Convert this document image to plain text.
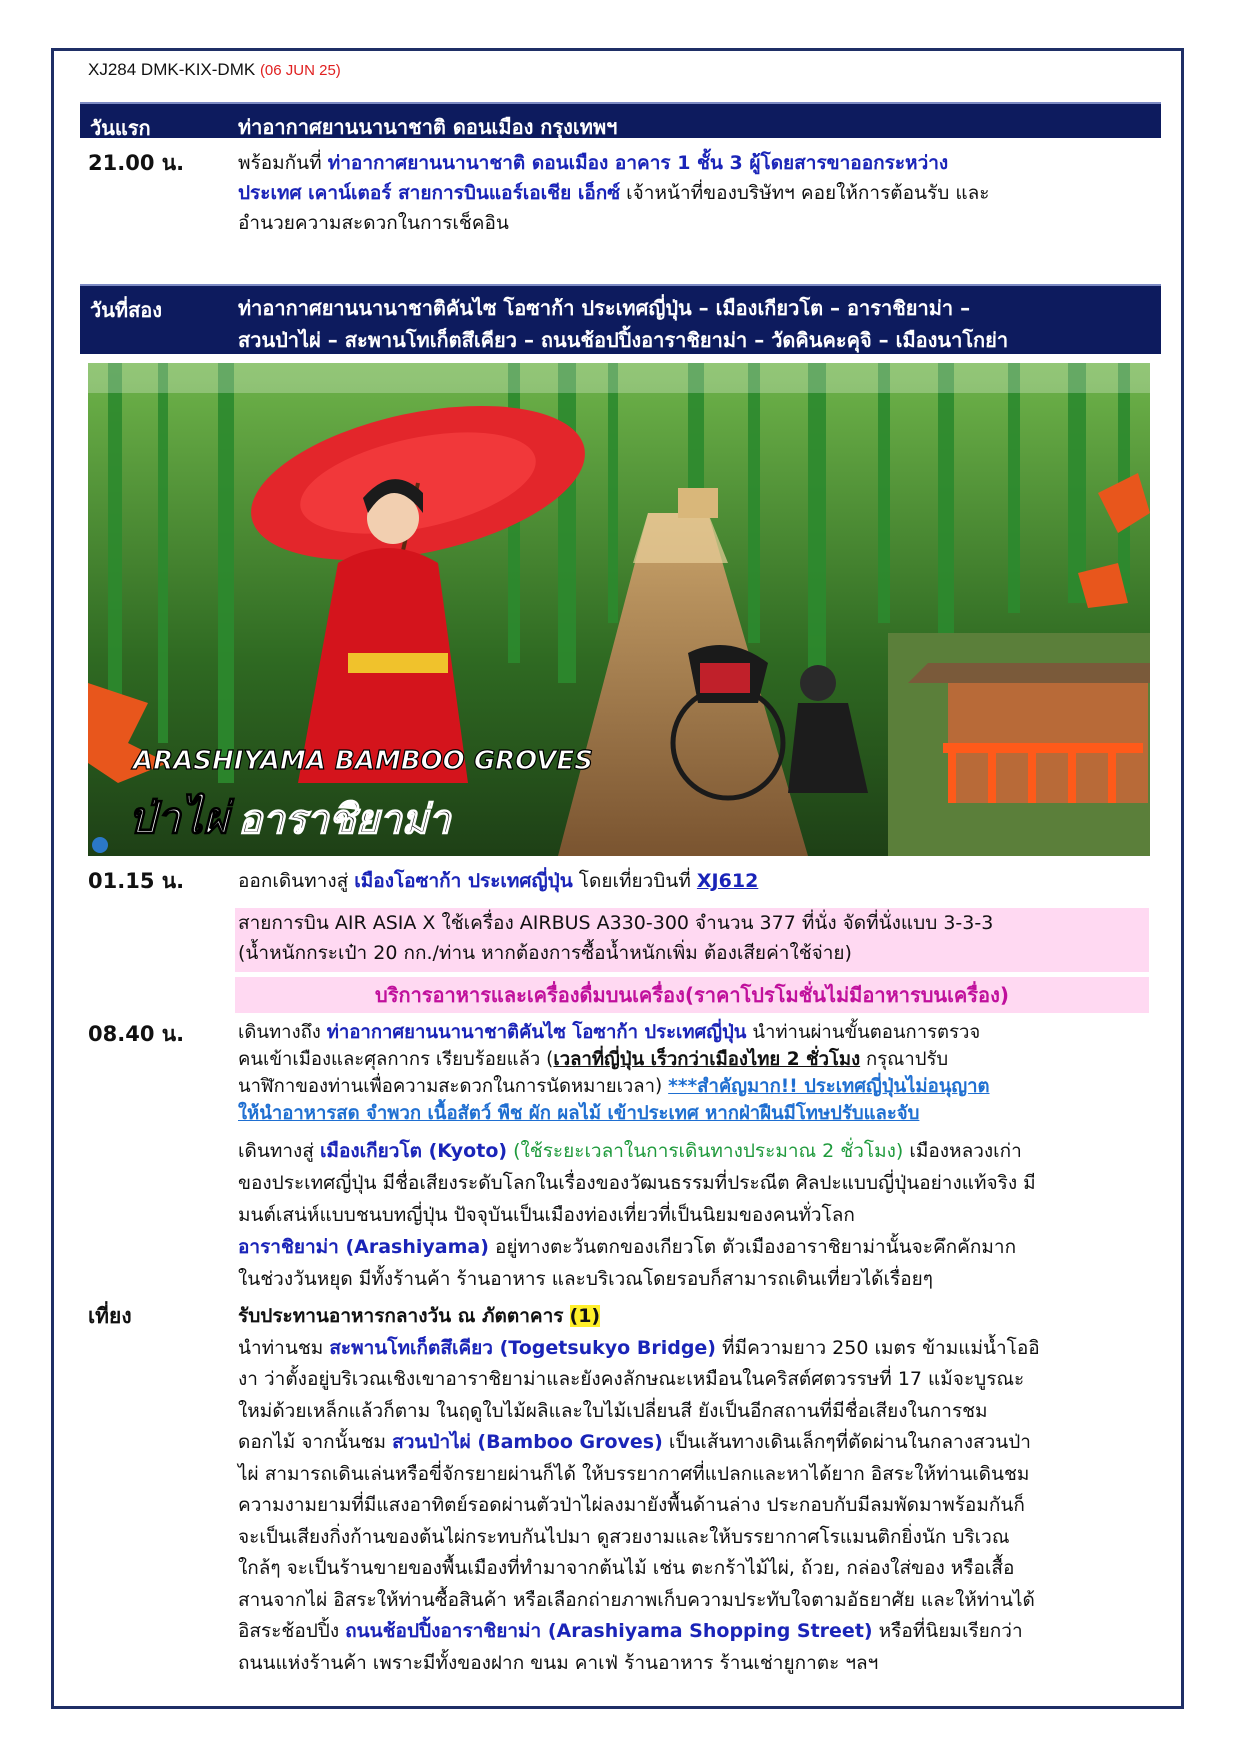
XJ284 DMK-KIX-DMK (06 JUN 25)
วันแรก	ท่าอากาศยานนานาชาติ ดอนเมือง กรุงเทพฯ
21.00 น.	พร้อมกันที่ ท่าอากาศยานนานาชาติ ดอนเมือง อาคาร 1 ชั้น 3 ผู้โดยสารขาออกระหว่าง
ประเทศ เคาน์เตอร์ สายการบินแอร์เอเชีย เอ็กซ์ เจ้าหน้าที่ของบริษัทฯ คอยให้การต้อนรับ และ
อำนวยความสะดวกในการเช็คอิน
วันที่สอง	ท่าอากาศยานนานาชาติคันไซ โอซาก้า ประเทศญี่ปุ่น – เมืองเกียวโต – อาราชิยาม่า –
สวนป่าไผ่ – สะพานโทเก็ตสึเคียว – ถนนช้อปปิ้งอาราชิยาม่า – วัดคินคะคุจิ – เมืองนาโกย่า
ARASHIYAMA BAMBOO GROVES
ป่าไผ่ อาราชิยาม่า
01.15 น.	ออกเดินทางสู่ เมืองโอซาก้า ประเทศญี่ปุ่น โดยเที่ยวบินที่ XJ612
สายการบิน AIR ASIA X ใช้เครื่อง AIRBUS A330-300 จำนวน 377 ที่นั่ง จัดที่นั่งแบบ 3-3-3
(น้ำหนักกระเป๋า 20 กก./ท่าน หากต้องการซื้อน้ำหนักเพิ่ม ต้องเสียค่าใช้จ่าย)
บริการอาหารและเครื่องดื่มบนเครื่อง(ราคาโปรโมชั่นไม่มีอาหารบนเครื่อง)
08.40 น.	เดินทางถึง ท่าอากาศยานนานาชาติคันไซ โอซาก้า ประเทศญี่ปุ่น นำท่านผ่านขั้นตอนการตรวจ
คนเข้าเมืองและศุลกากร เรียบร้อยแล้ว (เวลาที่ญี่ปุ่น เร็วกว่าเมืองไทย 2 ชั่วโมง กรุณาปรับ
นาฬิกาของท่านเพื่อความสะดวกในการนัดหมายเวลา) ***สำคัญมาก!! ประเทศญี่ปุ่นไม่อนุญาต
ให้นำอาหารสด จำพวก เนื้อสัตว์ พืช ผัก ผลไม้ เข้าประเทศ หากฝ่าฝืนมีโทษปรับและจับ
เดินทางสู่ เมืองเกียวโต (Kyoto) (ใช้ระยะเวลาในการเดินทางประมาณ 2 ชั่วโมง) เมืองหลวงเก่า
ของประเทศญี่ปุ่น มีชื่อเสียงระดับโลกในเรื่องของวัฒนธรรมที่ประณีต ศิลปะแบบญี่ปุ่นอย่างแท้จริง มี
มนต์เสน่ห์แบบชนบทญี่ปุ่น ปัจจุบันเป็นเมืองท่องเที่ยวที่เป็นนิยมของคนทั่วโลก
อาราชิยาม่า (Arashiyama) อยู่ทางตะวันตกของเกียวโต ตัวเมืองอาราชิยาม่านั้นจะคึกคักมาก
ในช่วงวันหยุด มีทั้งร้านค้า ร้านอาหาร และบริเวณโดยรอบก็สามารถเดินเที่ยวได้เรื่อยๆ
เที่ยง	รับประทานอาหารกลางวัน ณ ภัตตาคาร (1)
นำท่านชม สะพานโทเก็ตสึเคียว (Togetsukyo Bridge) ที่มีความยาว 250 เมตร ข้ามแม่น้ำโออิ
งา ว่าตั้งอยู่บริเวณเชิงเขาอาราชิยาม่าและยังคงลักษณะเหมือนในคริสต์ศตวรรษที่ 17 แม้จะบูรณะ
ใหม่ด้วยเหล็กแล้วก็ตาม ในฤดูใบไม้ผลิและใบไม้เปลี่ยนสี ยังเป็นอีกสถานที่มีชื่อเสียงในการชม
ดอกไม้ จากนั้นชม สวนป่าไผ่ (Bamboo Groves) เป็นเส้นทางเดินเล็กๆที่ตัดผ่านในกลางสวนป่า
ไผ่ สามารถเดินเล่นหรือขี่จักรยายผ่านก็ได้ ให้บรรยากาศที่แปลกและหาได้ยาก อิสระให้ท่านเดินชม
ความงามยามที่มีแสงอาทิตย์รอดผ่านตัวป่าไผ่ลงมายังพื้นด้านล่าง ประกอบกับมีลมพัดมาพร้อมกันก็
จะเป็นเสียงกิ่งก้านของต้นไผ่กระทบกันไปมา ดูสวยงามและให้บรรยากาศโรแมนติกยิ่งนัก บริเวณ
ใกล้ๆ จะเป็นร้านขายของพื้นเมืองที่ทำมาจากต้นไม้ เช่น ตะกร้าไม้ไผ่, ถ้วย, กล่องใส่ของ หรือเสื้อ
สานจากไผ่ อิสระให้ท่านซื้อสินค้า หรือเลือกถ่ายภาพเก็บความประทับใจตามอัธยาศัย และให้ท่านได้
อิสระช้อปปิ้ง ถนนช้อปปิ้งอาราชิยาม่า (Arashiyama Shopping Street) หรือที่นิยมเรียกว่า
ถนนแห่งร้านค้า เพราะมีทั้งของฝาก ขนม คาเฟ่ ร้านอาหาร ร้านเช่ายูกาตะ ฯลฯ
